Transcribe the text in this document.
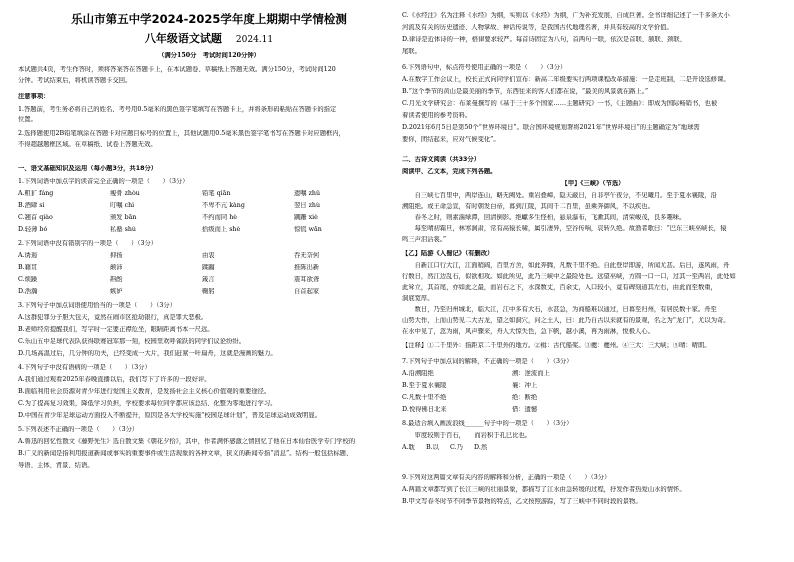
乐山市第五中学2024-2025学年度上期期中学情检测
八年级语文试题 2024.11
（满分150分　考试时间120分钟）
本试题共4页，考生作答时，须将答案答在答题卡上，在本试题卷、草稿纸上答题无效。满分150分，考试时间120
分钟。考试结束后，将机读答题卡交回。
注意事项：
1.答题前，考生务必将自己的姓名、考号用0.5毫米的黑色签字笔填写在答题卡上，并将条形码粘贴在答题卡的指定
位置。
2.选择题使用2B铅笔填涂在答题卡对应题目标号的位置上，其他试题用0.5毫米黑色签字笔书写在答题卡对应题框内，
不得超越题框区域。在草稿纸、试卷上答题无效。
一、语文基础知识及运用（每小题3分，共18分）
1.下列词语中加点字的读音完全正确的一项是（　　）（3分）
A.粗犷 fáng	瘦骨 zhòu	铅笔 qiān	遗嘱 zhǔ
B.酒肆 sì	叮嘱 chì	不卑不亢 kàng	翌日 zhù
C.翘首 qiào	颁发 bān	不约而同 hè	蹒跚 xiè
D.轻薄 bó	私塾 shú	拾级而上 shè	惊慌 wǎn
2.下列词语中没有错别字的一项是（　　）（3分）
A.诱遏	抑扬	由衷	吞无奈何
B.籍贯	颠沛	蹂躏	推陈出新
C.烦躁	斟酌	箴言	震耳欲聋
D.浩瀚	嫉妒	鞠躬	自首起家
3.下列句子中加点词语使用恰当的一项是（　　）（3分）
A.这群犯罪分子胆大包天，竟然在闹市区抢劫银行，真是罪大恶极。
B.老师经常提醒我们，写字时一定要正襟危坐，眼睛距离书本一尺远。
C.乐山五中足球代表队获得联赛冠军那一刻，校园里欢呼雀跃的同学们议论纷纷。
D.几场高温过后，几分钟的功夫，已经变成一大片，我们赶紧一叶扁舟，这就是漫画的魅力。
4.下列句子中没有语病的一项是（　　）（3分）
A.我们通过观看2025年春晚直播以后，我们写下了许多的一段好评。
B.面临利用社会资源对青少年进行爱国主义教育，是发扬社会主义核心价值观的重要途径。
C.为了提高复习效果，降低学习负担，学校要求每位同学都应该总结、化整为零地进行学习。
D.中国在青少年足球运动方面投入不断提升，原因是各大学校实施“校园足球计划”，普及足球运动成效明显。
5.下列表述不正确的一项是（　　）（3分）
A.鲁迅的回忆性散文《藤野先生》选自散文集《朝花夕拾》，其中，作者满怀感激之情回忆了他在日本仙台医学专门学校的
B.广义的新闻是指利用报道新闻或事实的重要事件或生活现象的各种文章，狭义的新闻专指“消息”。结构一般包括标题、
导语、主体、背景、结语。
C.《水经注》名为注释《水经》为纲，实则以《水经》为纲，广为补充发展，自成巨著。全书详细记述了一千多条大小
河流及有关的历史遗迹、人物掌故、神话传说等，是我国古代地理名著，并具有较高的文学价值。
D.律诗是近体诗的一种，格律要求较严。每首诗固定为八句，首两句一联，依次是首联、颔联、颈联、
尾联。
6.下列语句中，标点符号使用正确的一项是（　　）（3分）
A.在数字工作会议上，校长正式向同学们宣布：新高二年级要实行两项课程改革措施：一是走班制，二是开设选修课。
B.“这个季节的黄山是最美丽的季节，东西往来的客人们都在说，“最美的风景就在路上。”
C.月光文学研究会：布莱曼撰写的《基于三十多个国家……主题研究》一书，《主题曲》：即成为国际畅销书，也被
着读者使用的参考资料。
D.2021年6月5日是第50个“世界环境日”。联合国环境规划署将2021年“世界环境日”的主题确定为“地球需
要你，团结起来，应对气候变化”。
二、古诗文阅读（共33分）
阅读甲、乙文本，完成下列各题。
【甲】《三峡》（节选）
　　自三峡七百里中，两岸连山，略无阙处。重岩叠嶂，隐天蔽日，自非亭午夜分，不见曦月。至于夏水襄陵，沿
溯阻绝。或王命急宣，有时朝发白帝，暮到江陵，其间千二百里，虽乘奔御风，不以疾也。
　　春冬之时，则素湍绿潭，回清倒影。绝巘多生怪柏，悬泉瀑布，飞漱其间，清荣峻茂，良多趣味。
　　每至晴初霜旦，林寒涧肃，常有高猿长啸，属引凄异，空谷传响，哀转久绝。故渔者歌曰：“巴东三峡巫峡长，猿
鸣三声泪沾裳。”
【乙】陆游《入蜀记》（有删改）
　　自新江口行大江，江面稍阔，百里方舍，如此奔腾，凡数千里不绝。自此登岸即游，所闻尤甚。后日，遂风雨，舟
行数日，然江边乱石，似欲相攻。如此所见，此乃三峡中之最险处也。远望巫峡，方圆一口一口，过其一至两岩，此处如
此耸立，其首尾，亦如此之最，而岩石之下，水深数丈，百余丈，入口较小，竟有碑刻道其左右，由此而至数重，
洞底宽厚。
　　数日，乃至归州城北，临大江，江中多有大石，水甚急，为商船难以通过，日暮至归州，有居民数十家。舟至
山势大作，上而山势见二大古龙，望之如洞穴，问之土人，曰：此乃自古以来就有的景观，名之为“龙门”，尤以为奇。
在水中见了，忽为雨，风声骤来，舟人大惊失色，急下帆，越小溪，再为雨淋，悦极人心。
【注释】①二千里外：指距京二千里外的地方。②楫：古代船桨。③夔：夔州。④三大：三大峡；⑤晴：晴朗。
7.下列句子中加点词的解释，不正确的一项是（　　）（3分）
A.沿溯阻绝	溯：逆流而上
B.至于夏水襄陵	襄：冲上
C.凡数十里不绝	绝：断绝
D.悦得佛日北来	借：遗憾
8.最适合填入画波浪线______句子中的一项是（　　）（3分）
　　审度较则于百石，　　而岩积于孔巳比也。
A.耽 B.以 C.乃 D.然
9.下列对这两篇文章有关内容的解释和分析，正确的一项是（　　）（3分）
A.两篇文章都写到了长江三峡的壮丽景象，都描写了江水由急转缓的过程，抒发作者热爱山水的情怀。
B.甲文写春冬时节不同季节景物的特点，乙文按照游踪，写了三峡中不同时段的景物。
